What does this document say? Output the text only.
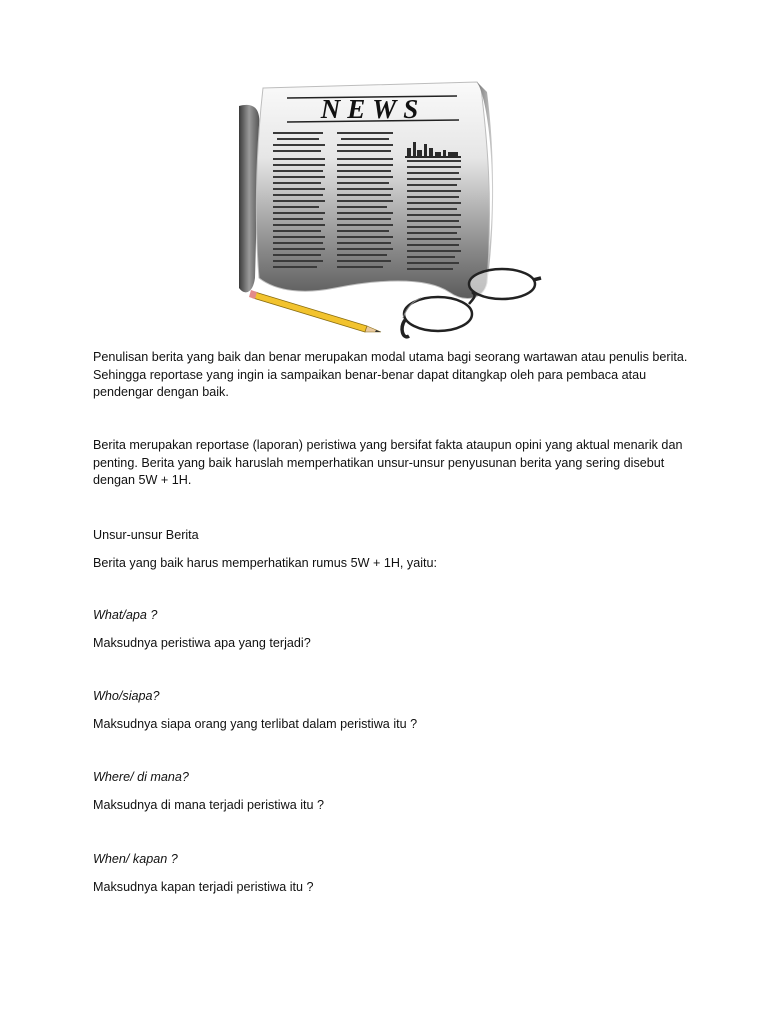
NEWS

Penulisan berita yang baik dan benar merupakan modal utama bagi seorang wartawan atau penulis berita. Sehingga reportase yang ingin ia sampaikan benar-benar dapat ditangkap oleh para pembaca atau pendengar dengan baik.

Berita merupakan reportase (laporan) peristiwa yang bersifat fakta ataupun opini yang aktual menarik dan penting. Berita yang baik haruslah memperhatikan unsur-unsur penyusunan berita yang sering disebut dengan 5W + 1H.

Unsur-unsur Berita

Berita yang baik harus memperhatikan rumus 5W + 1H, yaitu:

What/apa ?

Maksudnya peristiwa apa yang terjadi?

Who/siapa?

Maksudnya siapa orang yang terlibat dalam peristiwa itu ?

Where/ di mana?

Maksudnya di mana terjadi peristiwa itu ?

When/ kapan ?

Maksudnya kapan terjadi peristiwa itu ?
